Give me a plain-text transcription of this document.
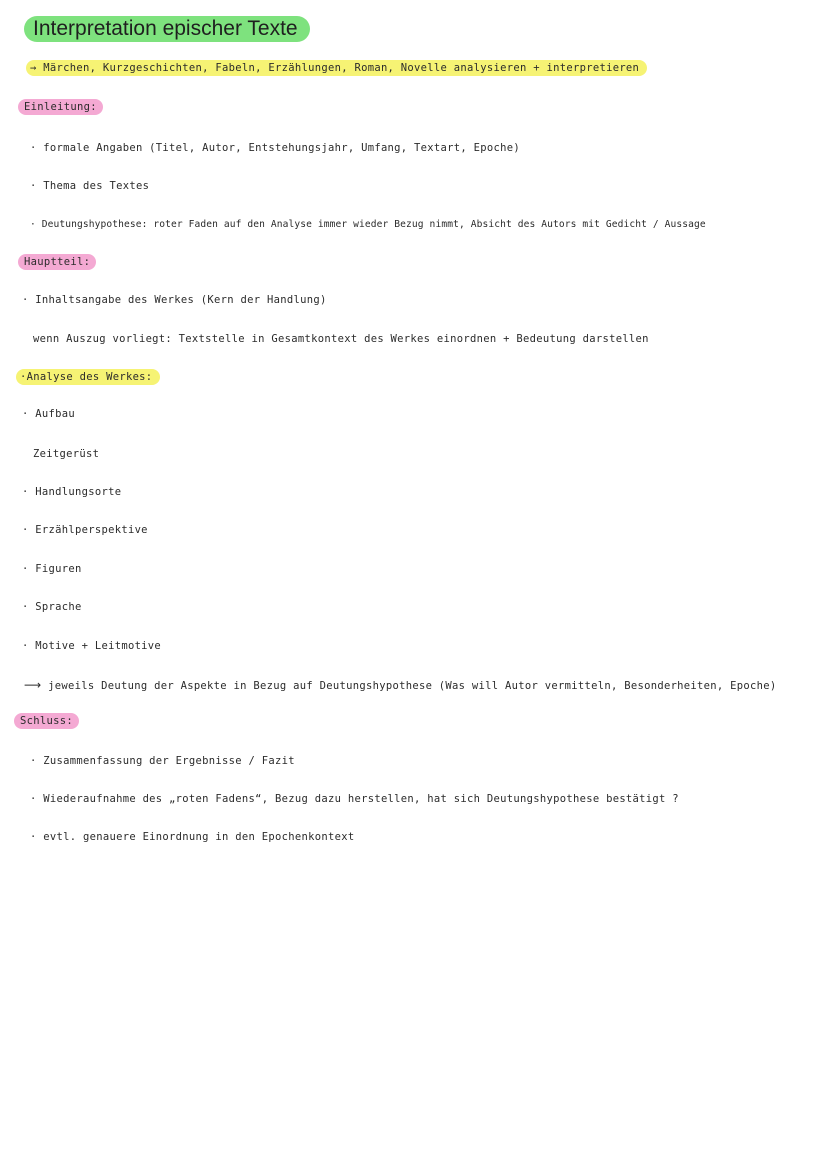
Interpretation epischer Texte
→ Märchen, Kurzgeschichten, Fabeln, Erzählungen, Roman, Novelle analysieren + interpretieren
Einleitung:
· formale Angaben (Titel, Autor, Entstehungsjahr, Umfang, Textart, Epoche)
· Thema des Textes
· Deutungshypothese: roter Faden auf den Analyse immer wieder Bezug nimmt, Absicht des Autors mit Gedicht / Aussage
Hauptteil:
· Inhaltsangabe des Werkes (Kern der Handlung)
wenn Auszug vorliegt: Textstelle in Gesamtkontext des Werkes einordnen + Bedeutung darstellen
·Analyse des Werkes:
· Aufbau
Zeitgerüst
· Handlungsorte
· Erzählperspektive
· Figuren
· Sprache
· Motive + Leitmotive
⟶ jeweils Deutung der Aspekte in Bezug auf Deutungshypothese (Was will Autor vermitteln, Besonderheiten, Epoche)
Schluss:
· Zusammenfassung der Ergebnisse / Fazit
· Wiederaufnahme des „roten Fadens“, Bezug dazu herstellen, hat sich Deutungshypothese bestätigt ?
· evtl. genauere Einordnung in den Epochenkontext
